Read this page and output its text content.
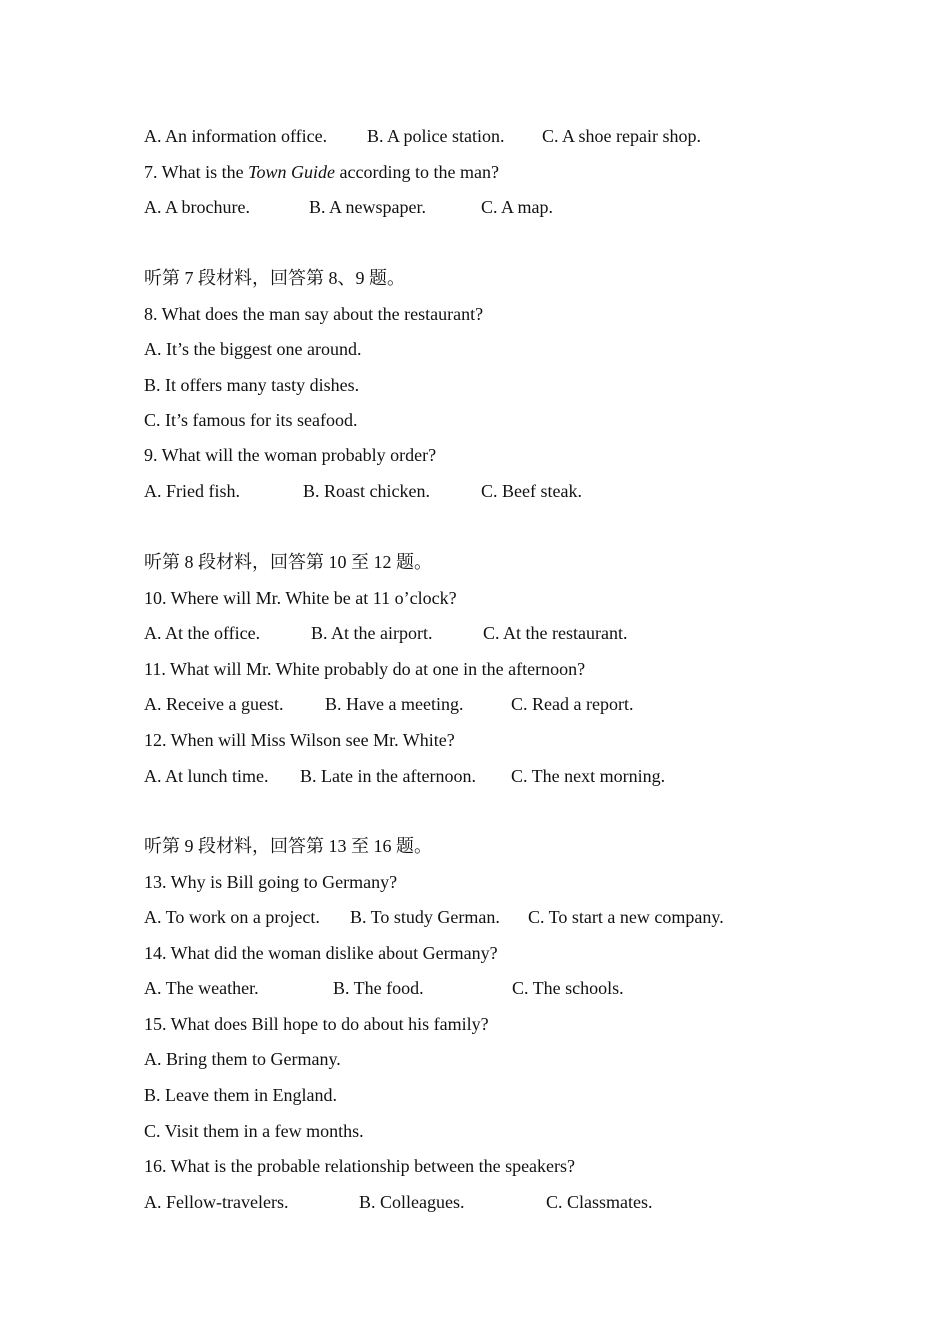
A. An information office. B. A police station. C. A shoe repair shop.
7. What is the Town Guide according to the man?
A. A brochure.	B. A newspaper.	C. A map.
听第 7 段材料，回答第 8、9 题。
8. What does the man say about the restaurant?
A. It’s the biggest one around.
B. It offers many tasty dishes.
C. It’s famous for its seafood.
9. What will the woman probably order?
A. Fried fish.	B. Roast chicken.	C. Beef steak.
听第 8 段材料，回答第 10 至 12 题。
10. Where will Mr. White be at 11 o’clock?
A. At the office.	B. At the airport.	C. At the restaurant.
11. What will Mr. White probably do at one in the afternoon?
A. Receive a guest. B. Have a meeting.	C. Read a report.
12. When will Miss Wilson see Mr. White?
A. At lunch time. B. Late in the afternoon. C. The next morning.
听第 9 段材料，回答第 13 至 16 题。
13. Why is Bill going to Germany?
A. To work on a project. B. To study German. C. To start a new company.
14. What did the woman dislike about Germany?
A. The weather.	B. The food.	C. The schools.
15. What does Bill hope to do about his family?
A. Bring them to Germany.
B. Leave them in England.
C. Visit them in a few months.
16. What is the probable relationship between the speakers?
A. Fellow-travelers.	B. Colleagues.	C. Classmates.
